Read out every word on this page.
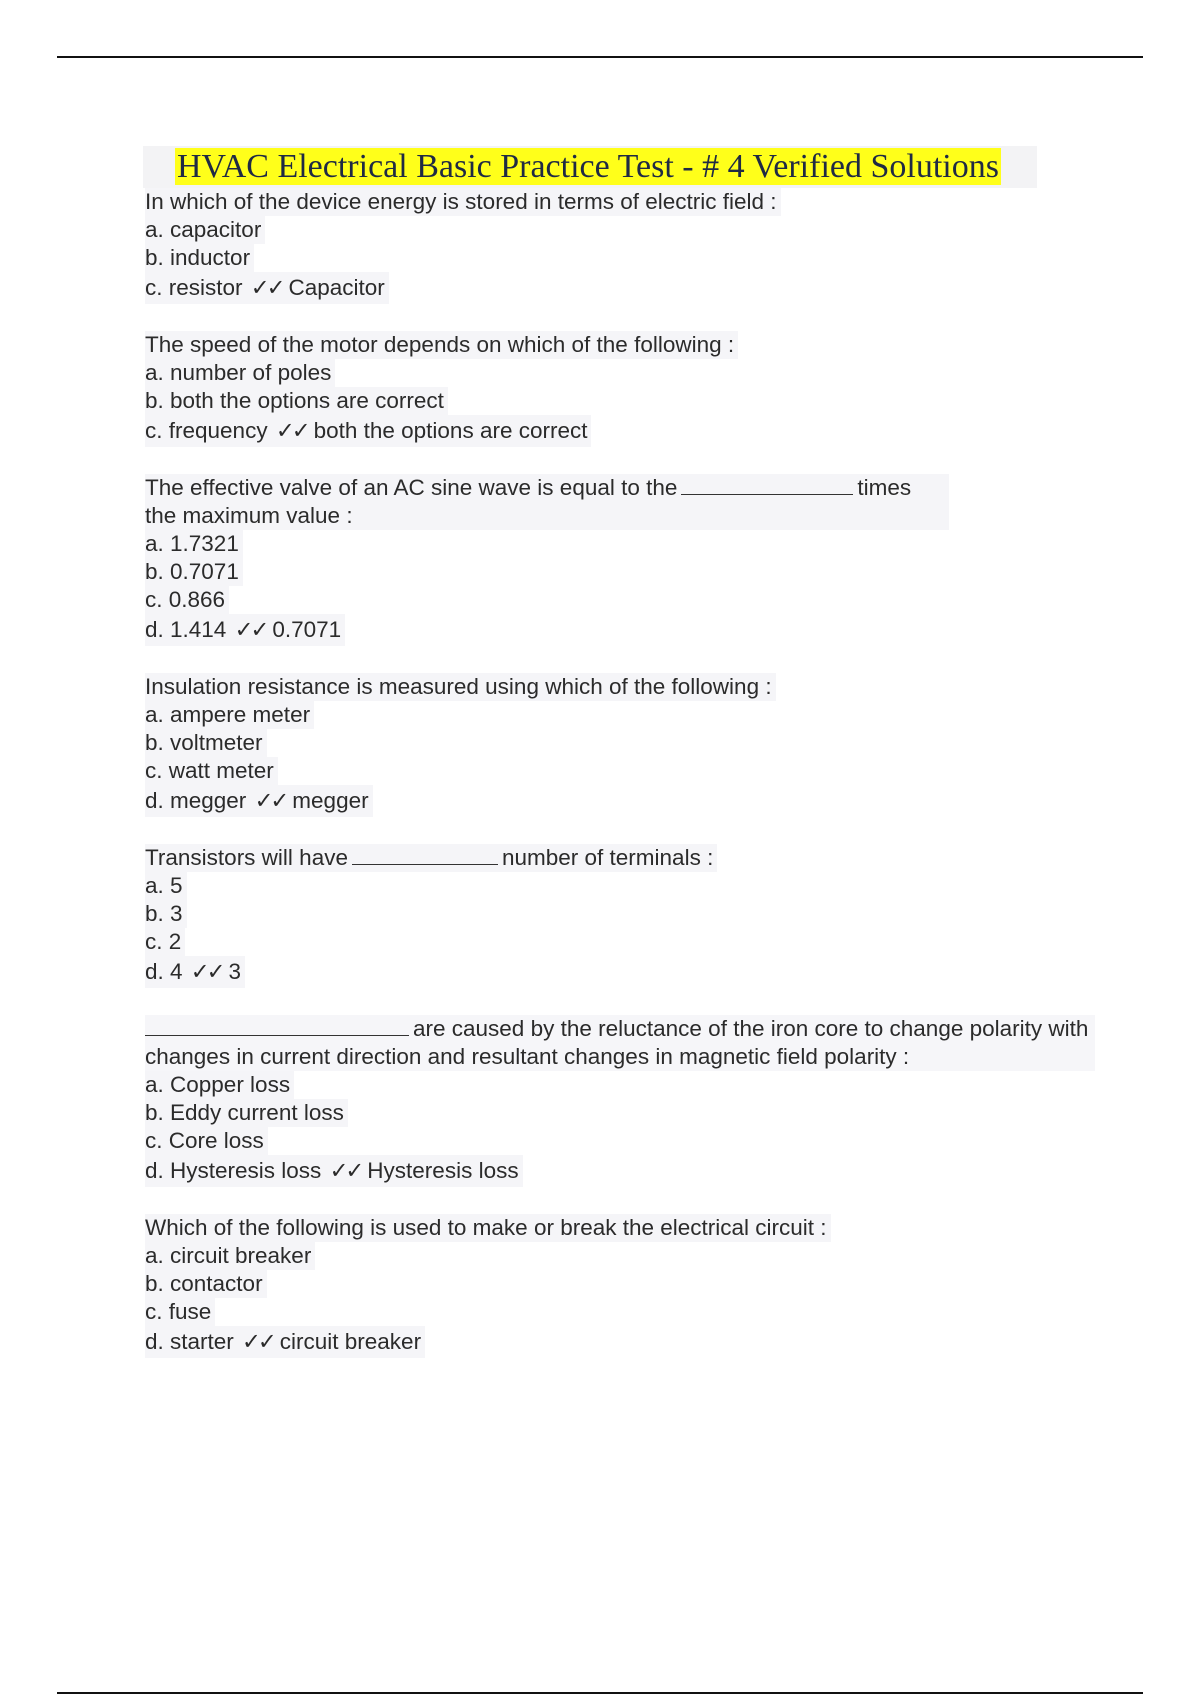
HVAC Electrical Basic Practice Test - # 4 Verified Solutions
In which of the device energy is stored in terms of electric field :
a. capacitor
b. inductor
c. resistor ✓✓ Capacitor
The speed of the motor depends on which of the following :
a. number of poles
b. both the options are correct
c. frequency ✓✓ both the options are correct
The effective valve of an AC sine wave is equal to the	times the maximum value :
a. 1.7321
b. 0.7071
c. 0.866
d. 1.414 ✓✓ 0.7071
Insulation resistance is measured using which of the following :
a. ampere meter
b. voltmeter
c. watt meter
d. megger ✓✓ megger
Transistors will have	number of terminals :
a. 5
b. 3
c. 2
d. 4 ✓✓ 3
are caused by the reluctance of the iron core to change polarity with changes in current direction and resultant changes in magnetic field polarity :
a. Copper loss
b. Eddy current loss
c. Core loss
d. Hysteresis loss ✓✓ Hysteresis loss
Which of the following is used to make or break the electrical circuit :
a. circuit breaker
b. contactor
c. fuse
d. starter ✓✓ circuit breaker
